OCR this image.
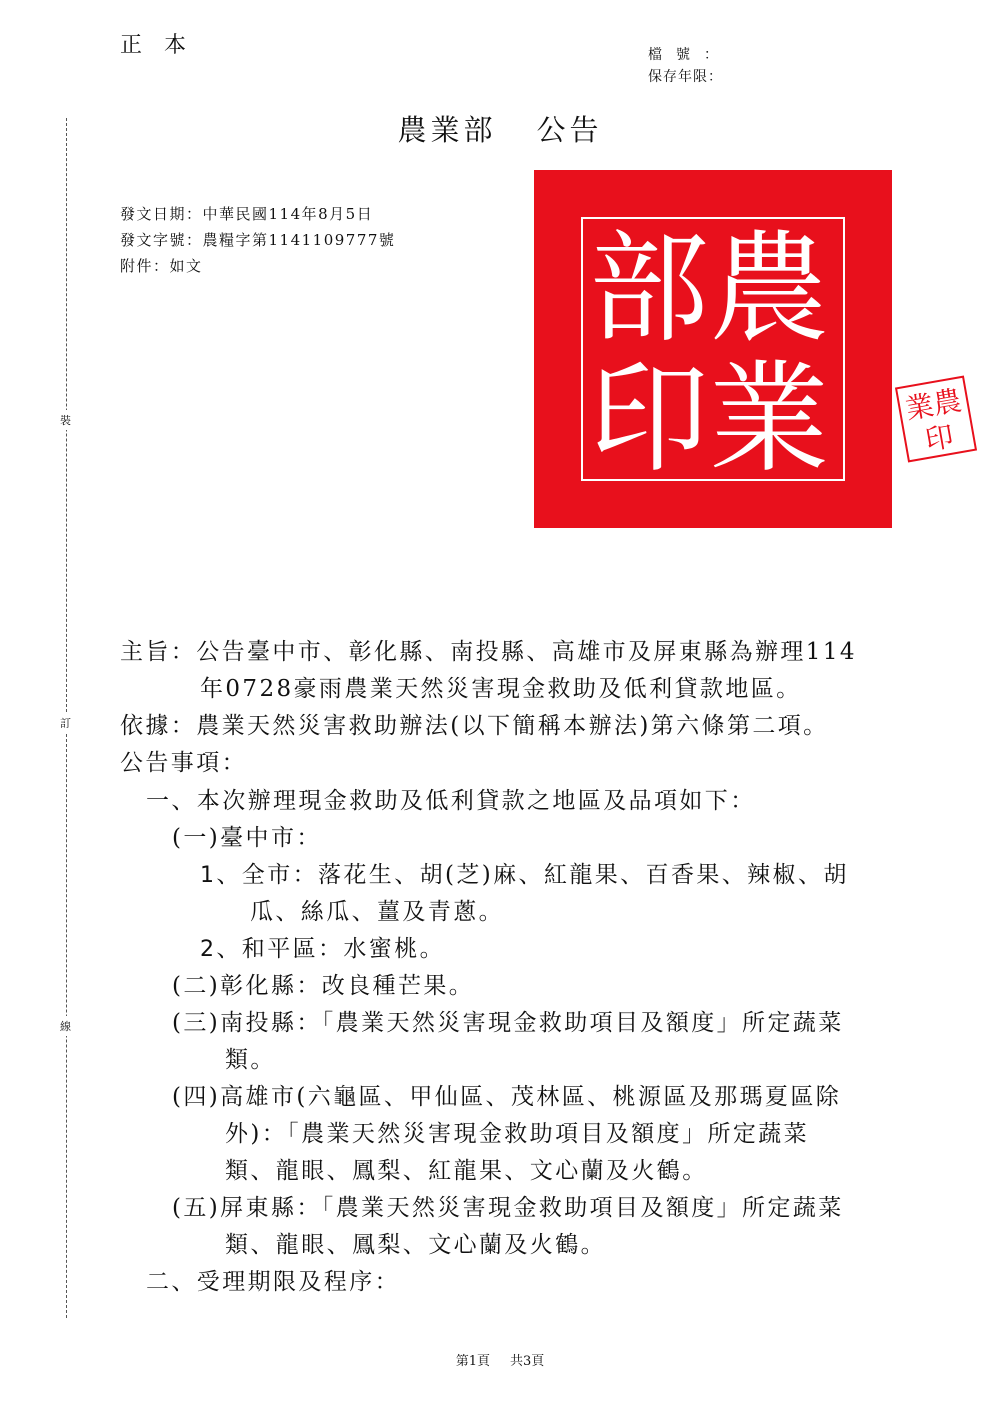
正本	檔號：
保存年限：
農業部 公告
裝
訂
線
發文日期：中華民國114年8月5日
發文字號：農糧字第1141109777號
附件：如文	農
業
部
印	農
業
印
主旨：公告臺中市、彰化縣、南投縣、高雄市及屏東縣為辦理114
年0728豪雨農業天然災害現金救助及低利貸款地區。
依據：農業天然災害救助辦法(以下簡稱本辦法)第六條第二項。
公告事項：
一、本次辦理現金救助及低利貸款之地區及品項如下：
(一)臺中市：
1、全市：落花生、胡(芝)麻、紅龍果、百香果、辣椒、胡
瓜、絲瓜、薑及青蔥。
2、和平區：水蜜桃。
(二)彰化縣：改良種芒果。
(三)南投縣：「農業天然災害現金救助項目及額度」所定蔬菜
類。
(四)高雄市(六龜區、甲仙區、茂林區、桃源區及那瑪夏區除
外)：「農業天然災害現金救助項目及額度」所定蔬菜
類、龍眼、鳳梨、紅龍果、文心蘭及火鶴。
(五)屏東縣：「農業天然災害現金救助項目及額度」所定蔬菜
類、龍眼、鳳梨、文心蘭及火鶴。
二、受理期限及程序：
第1頁 共3頁
